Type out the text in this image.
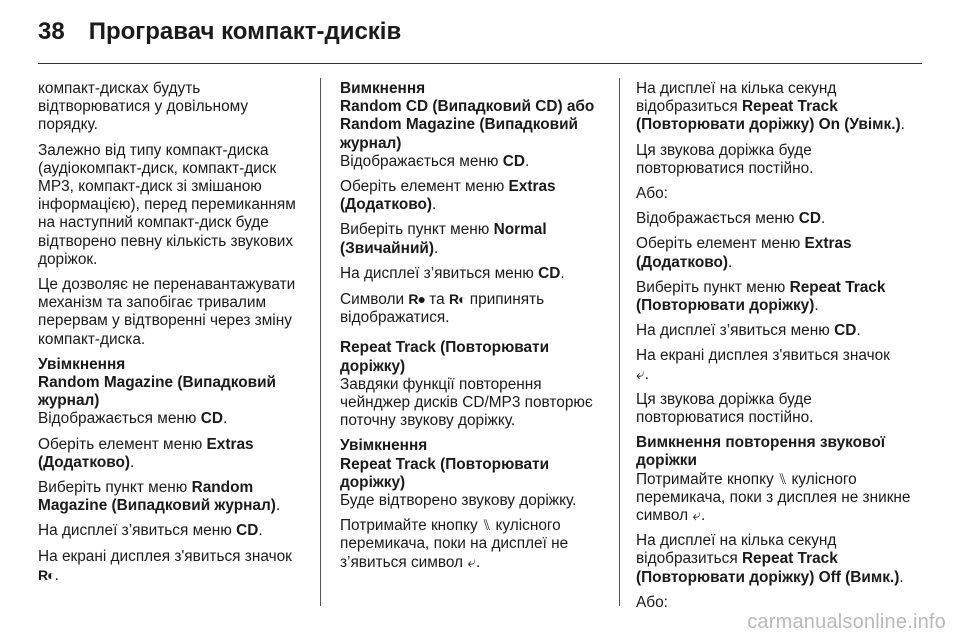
38 Програвач компакт-дисків

компакт-дисках будуть відтворюватися у довільному порядку.

Залежно від типу компакт-диска (аудіокомпакт-диск, компакт-диск MP3, компакт-диск зі змішаною інформацією), перед перемиканням на наступний компакт-диск буде відтворено певну кількість звукових доріжок.

Це дозволяє не перенавантажувати механізм та запобігає тривалим перервам у відтворенні через зміну компакт-диска.

Увімкнення
Random Magazine (Випадковий журнал)

Відображається меню CD.

Оберіть елемент меню Extras (Додатково).

Виберіть пункт меню Random Magazine (Випадковий журнал).

На дисплеї з’явиться меню CD.

На екрані дисплея з'явиться значок
R◐.

Вимкнення
Random CD (Випадковий CD) або Random Magazine (Випадковий журнал)

Відображається меню CD.

Оберіть елемент меню Extras (Додатково).

Виберіть пункт меню Normal (Звичайний).

На дисплеї з’явиться меню CD.

Символи R● та R◐ припинять відображатися.

Repeat Track (Повторювати доріжку)

Завдяки функції повторення чейнджер дисків CD/MP3 повторює поточну звукову доріжку.

Увімкнення
Repeat Track (Повторювати доріжку)

Буде відтворено звукову доріжку.

Потримайте кнопку ⑊ кулісного перемикача, поки на дисплеї не з’явиться символ ⤶.

На дисплеї на кілька секунд відобразиться Repeat Track (Повторювати доріжку) On (Увімк.).

Ця звукова доріжка буде повторюватися постійно.

Або:

Відображається меню CD.

Оберіть елемент меню Extras (Додатково).

Виберіть пункт меню Repeat Track (Повторювати доріжку).

На дисплеї з’явиться меню CD.

На екрані дисплея з'явиться значок
⤶.

Ця звукова доріжка буде повторюватися постійно.

Вимкнення повторення звукової доріжки

Потримайте кнопку ⑊ кулісного перемикача, поки з дисплея не зникне символ ⤶.

На дисплеї на кілька секунд відобразиться Repeat Track (Повторювати доріжку) Off (Вимк.).

Або:

carmanualsonline.info
